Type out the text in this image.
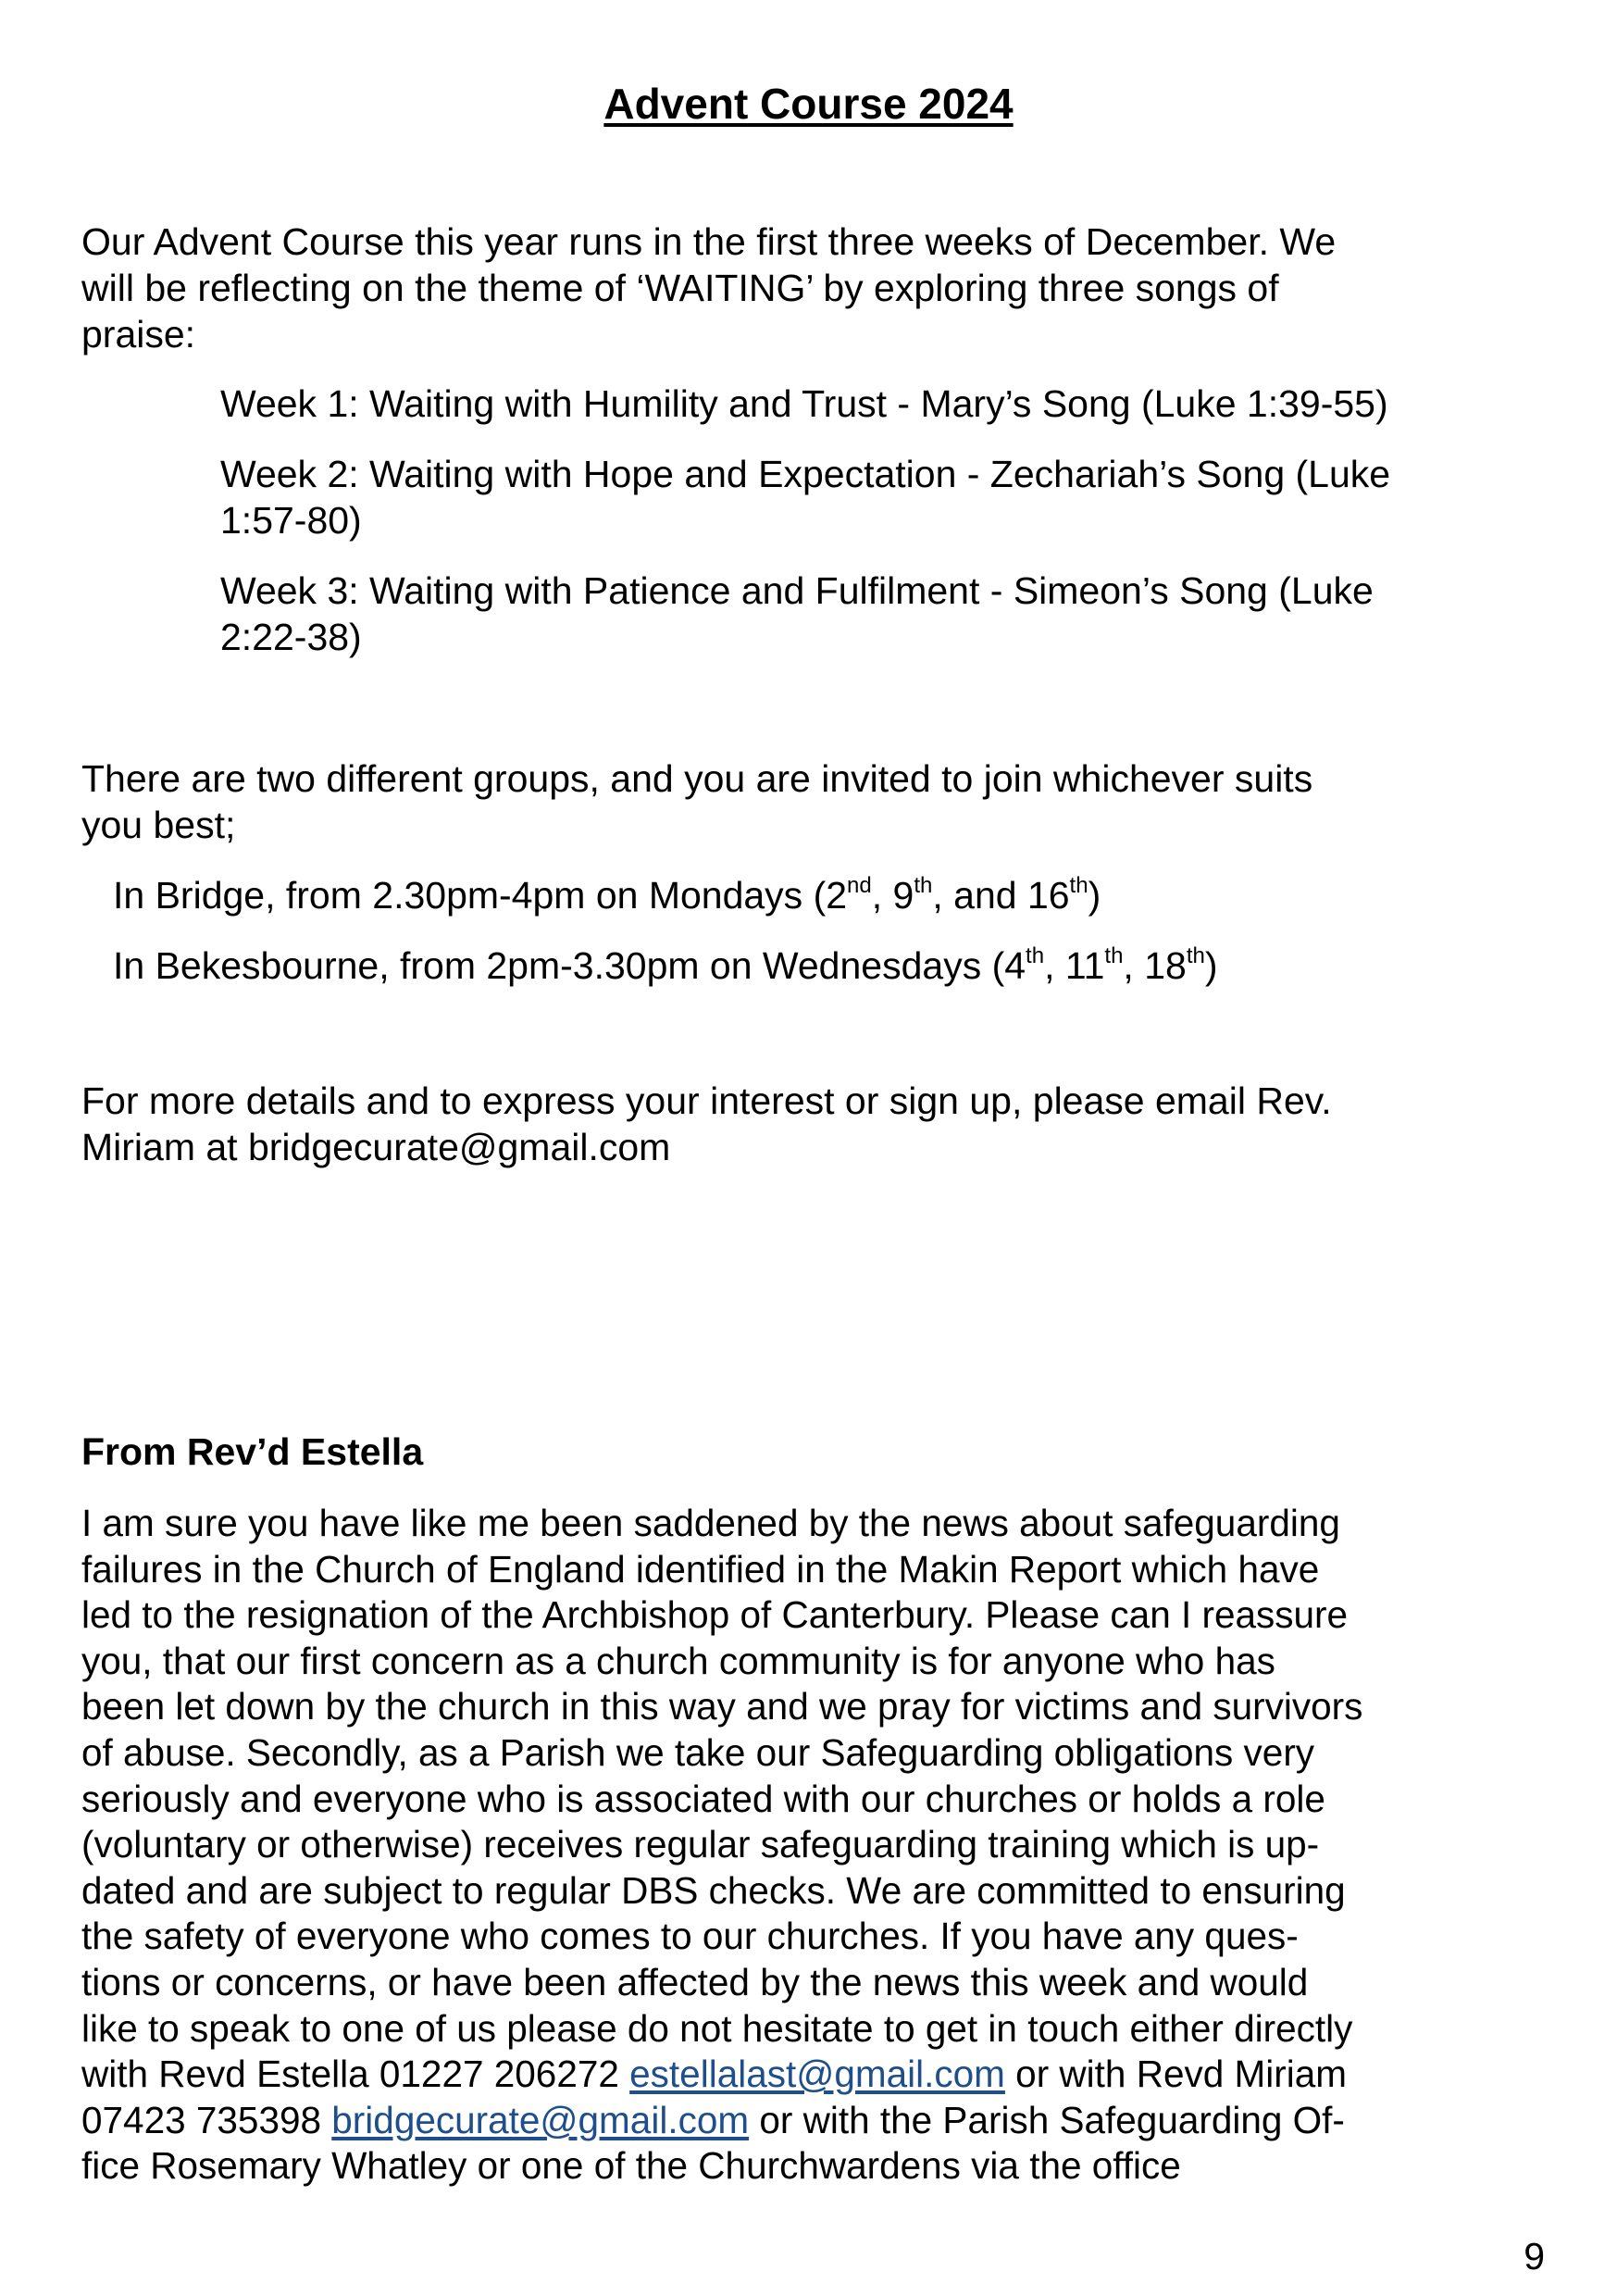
Advent Course 2024

Our Advent Course this year runs in the first three weeks of December. We

will be reflecting on the theme of ‘WAITING’ by exploring three songs of

praise:

Week 1: Waiting with Humility and Trust - Mary’s Song (Luke 1:39-55)
Week 2: Waiting with Hope and Expectation - Zechariah’s Song (Luke
1:57-80)
Week 3: Waiting with Patience and Fulfilment - Simeon’s Song (Luke
2:22-38)

There are two different groups, and you are invited to join whichever suits

you best;

In Bridge, from 2.30pm-4pm on Mondays (2nd, 9th, and 16th)
In Bekesbourne, from 2pm-3.30pm on Wednesdays (4th, 11th, 18th)

For more details and to express your interest or sign up, please email Rev.

Miriam at bridgecurate@gmail.com

From Rev’d Estella
I am sure you have like me been saddened by the news about safeguarding
failures in the Church of England identified in the Makin Report which have
led to the resignation of the Archbishop of Canterbury. Please can I reassure
you, that our first concern as a church community is for anyone who has
been let down by the church in this way and we pray for victims and survivors
of abuse. Secondly, as a Parish we take our Safeguarding obligations very
seriously and everyone who is associated with our churches or holds a role
(voluntary or otherwise) receives regular safeguarding training which is up-
dated and are subject to regular DBS checks. We are committed to ensuring
the safety of everyone who comes to our churches. If you have any ques-
tions or concerns, or have been affected by the news this week and would
like to speak to one of us please do not hesitate to get in touch either directly
with Revd Estella 01227 206272 estellalast@gmail.com or with Revd Miriam
07423 735398 bridgecurate@gmail.com or with the Parish Safeguarding Of-
fice Rosemary Whatley or one of the Churchwardens via the office
9
